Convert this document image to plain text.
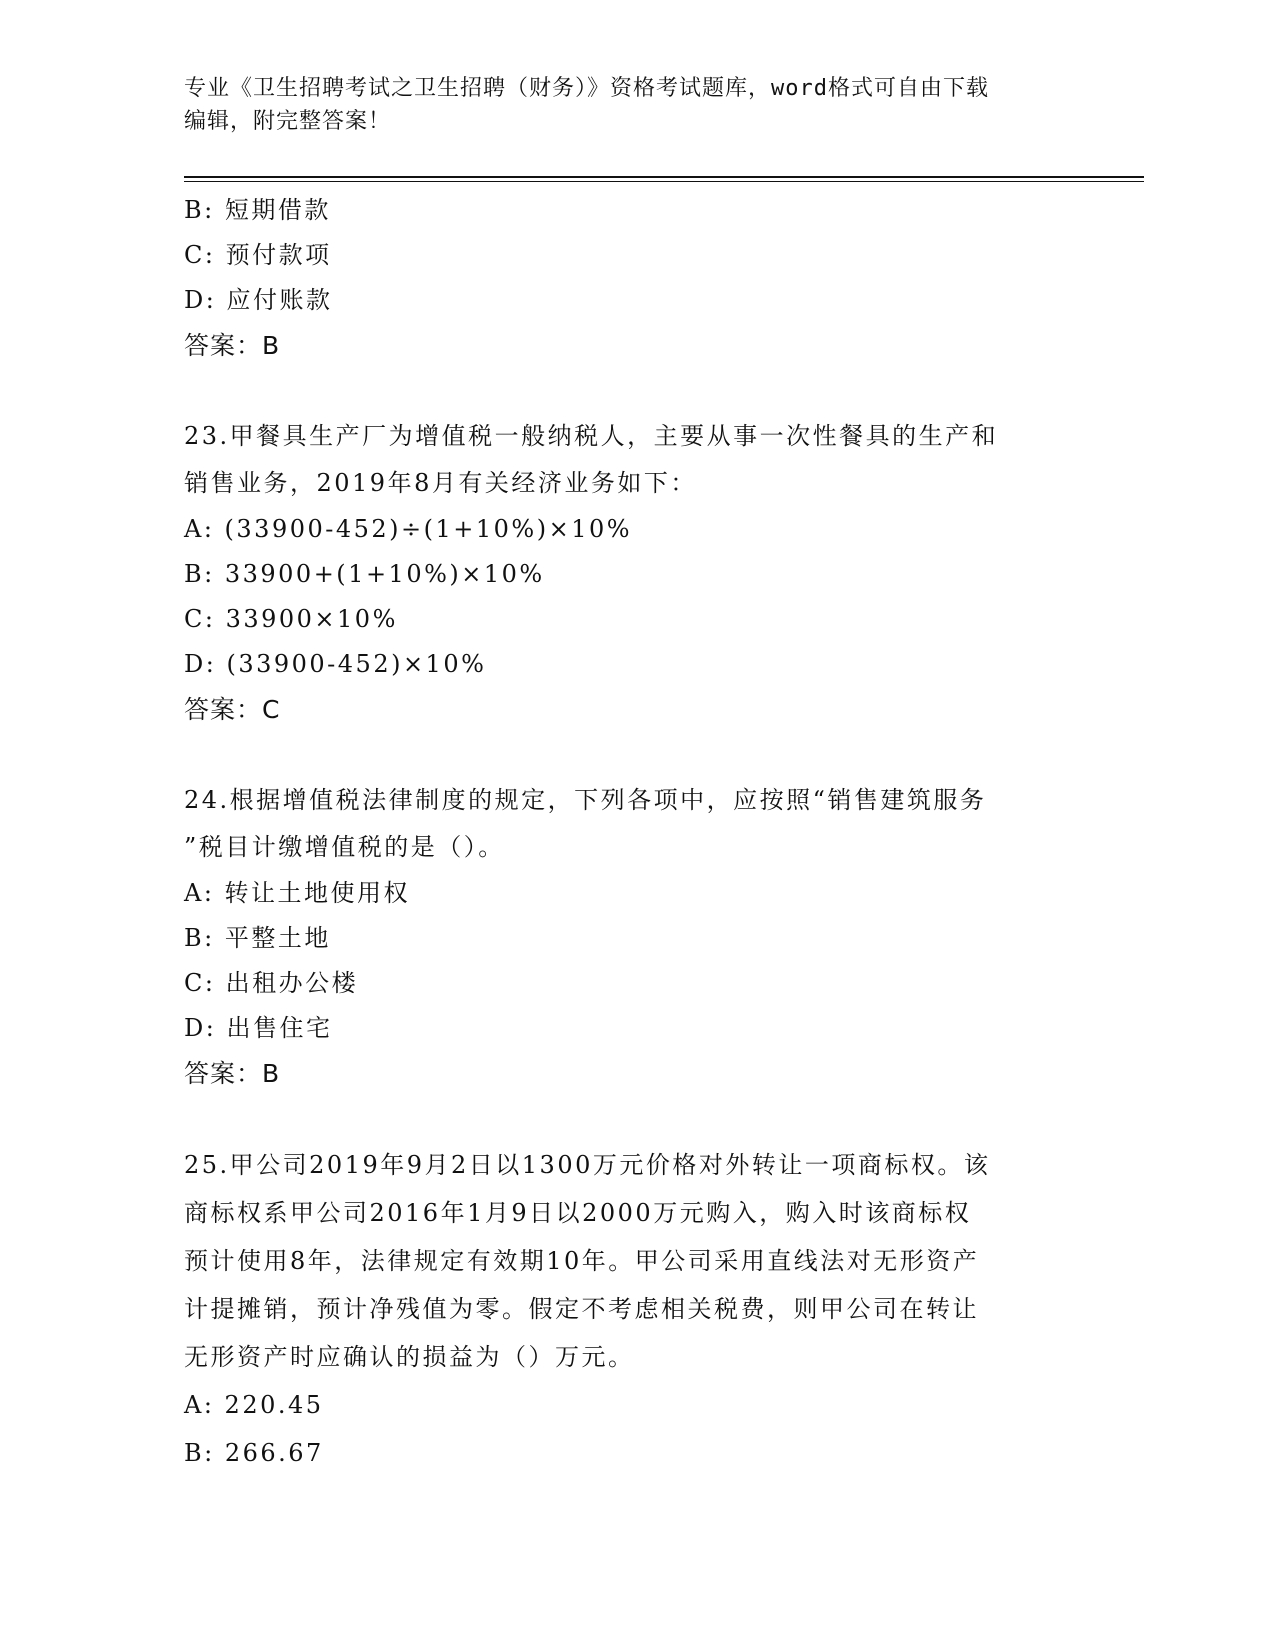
专业《卫生招聘考试之卫生招聘（财务）》资格考试题库，word格式可自由下载
编辑，附完整答案！
B: 短期借款
C: 预付款项
D: 应付账款
答案：B
23.甲餐具生产厂为增值税一般纳税人，主要从事一次性餐具的生产和
销售业务，2019年8月有关经济业务如下：
A: (33900-452)÷(1+10%)×10%
B: 33900+(1+10%)×10%
C: 33900×10%
D: (33900-452)×10%
答案：C
24.根据增值税法律制度的规定，下列各项中，应按照“销售建筑服务
”税目计缴增值税的是（）。
A: 转让土地使用权
B: 平整土地
C: 出租办公楼
D: 出售住宅
答案：B
25.甲公司2019年9月2日以1300万元价格对外转让一项商标权。该
商标权系甲公司2016年1月9日以2000万元购入，购入时该商标权
预计使用8年，法律规定有效期10年。甲公司采用直线法对无形资产
计提摊销，预计净残值为零。假定不考虑相关税费，则甲公司在转让
无形资产时应确认的损益为（）万元。
A: 220.45
B: 266.67
